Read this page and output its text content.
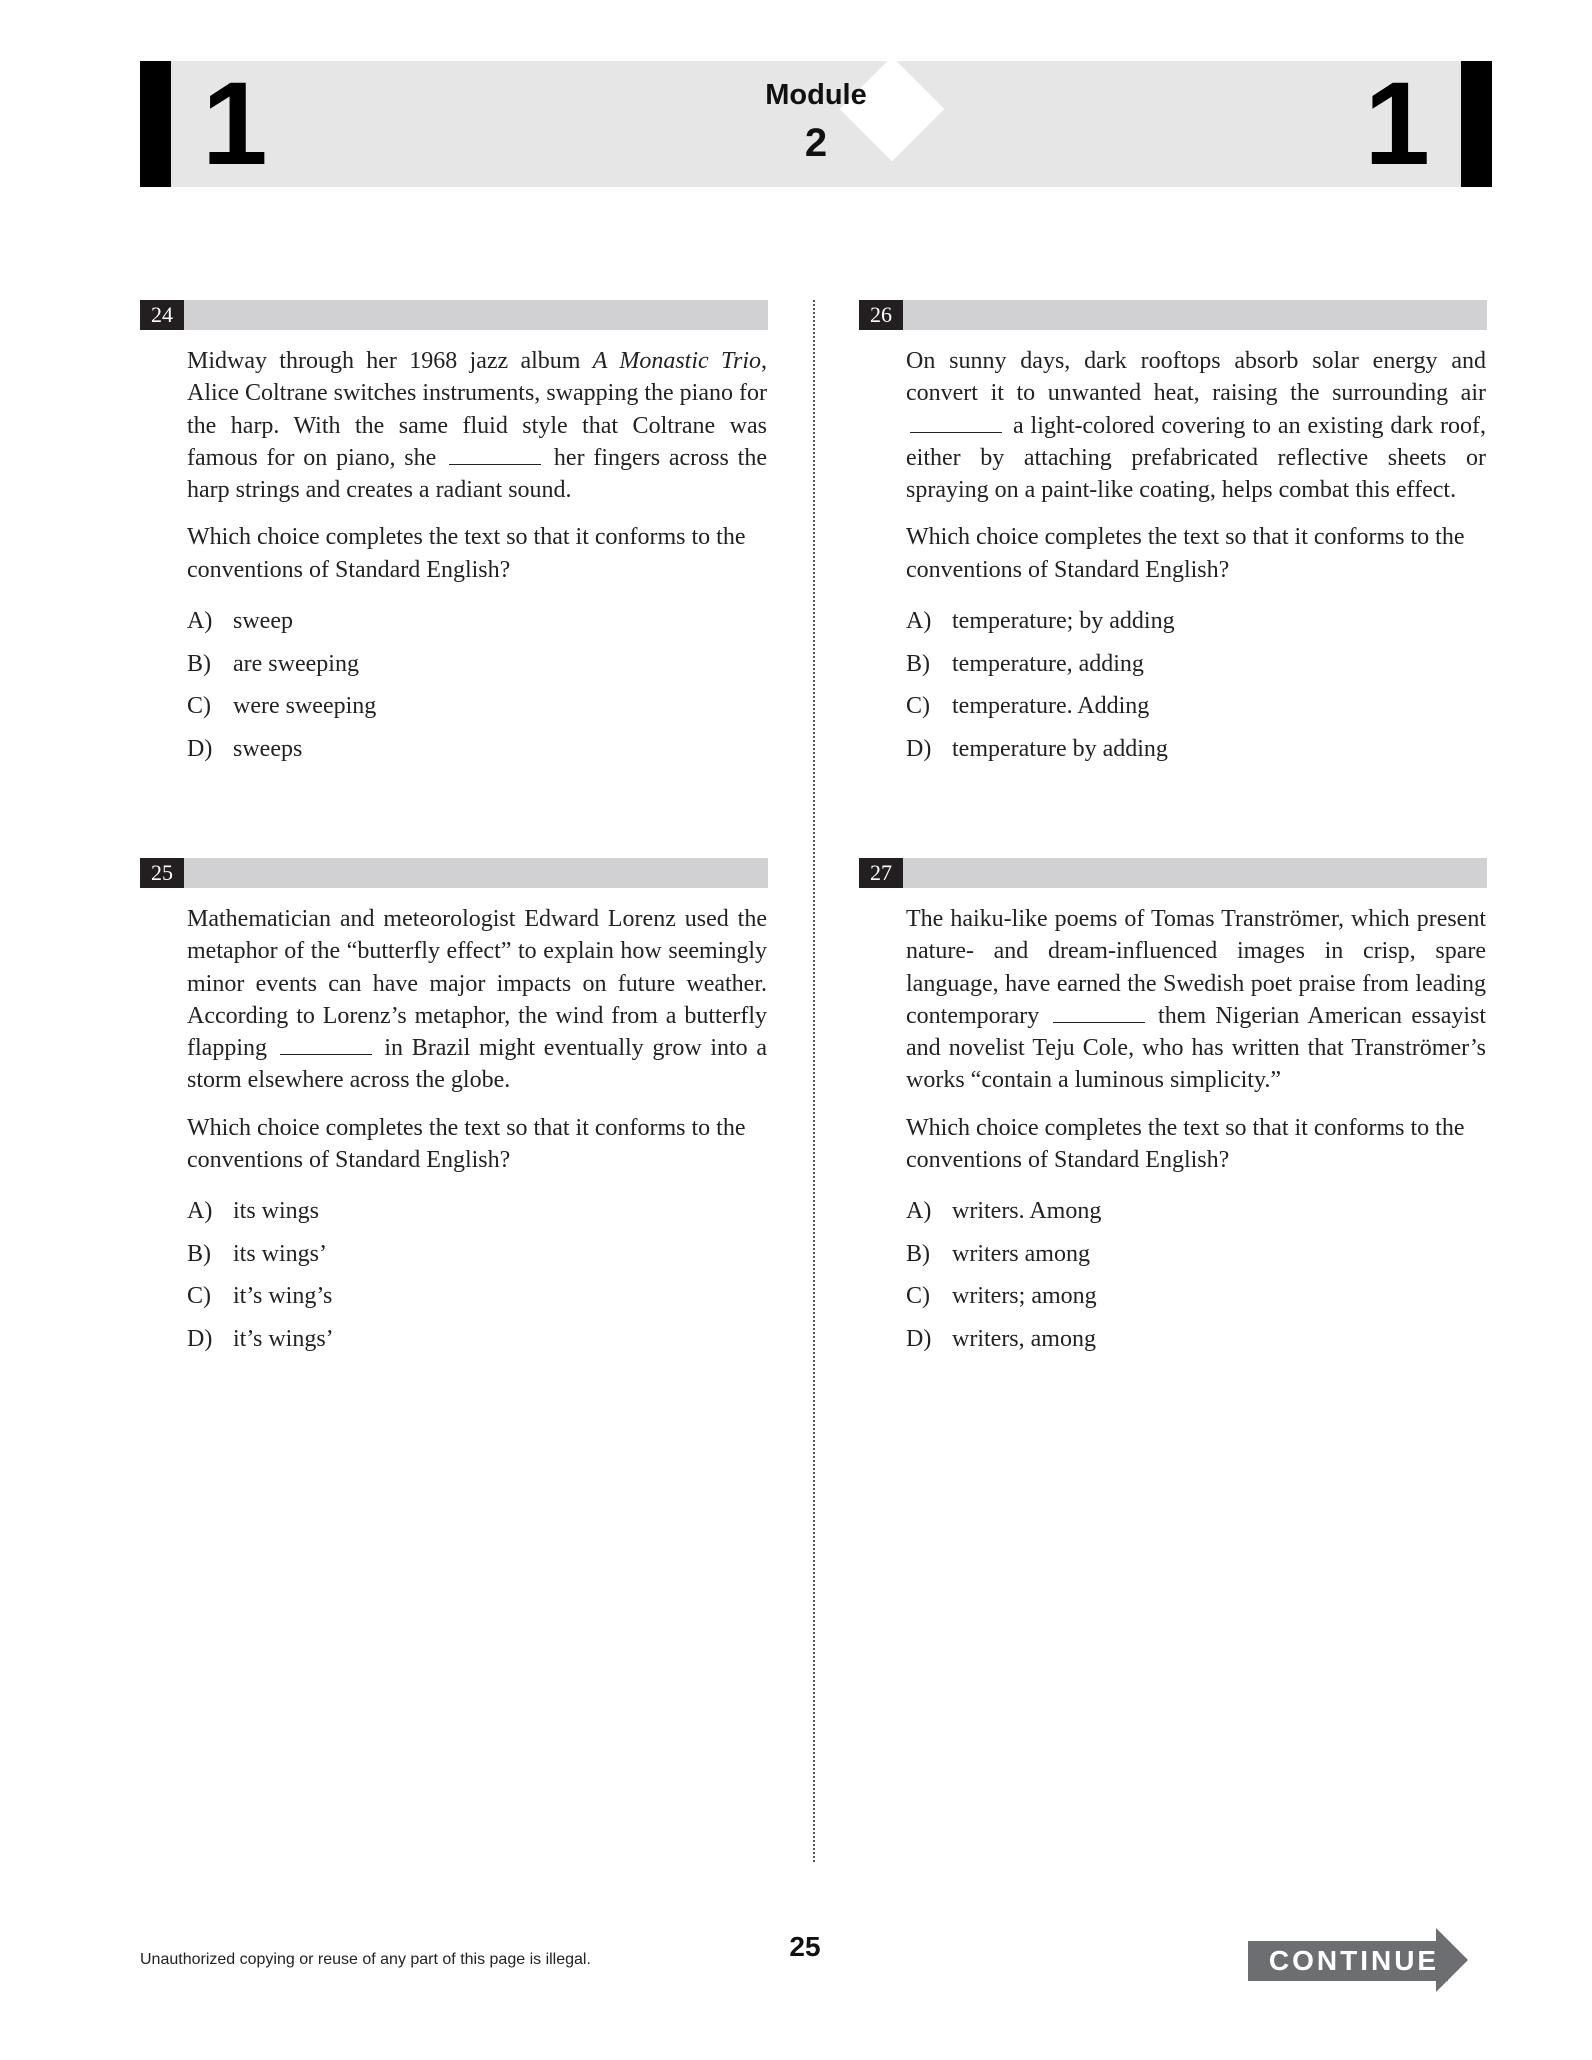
1	Module
2	1
24

Midway through her 1968 jazz album A Monastic Trio, Alice Coltrane switches instruments, swapping the piano for the harp. With the same fluid style that Coltrane was famous for on piano, she	her fingers across the harp strings and creates a radiant sound.

Which choice completes the text so that it conforms to the conventions of Standard English?

A) sweep
B) are sweeping
C) were sweeping
D) sweeps
25

Mathematician and meteorologist Edward Lorenz used the metaphor of the “butterfly effect” to explain how seemingly minor events can have major impacts on future weather. According to Lorenz’s metaphor, the wind from a butterfly flapping	in Brazil might eventually grow into a storm elsewhere across the globe.

Which choice completes the text so that it conforms to the conventions of Standard English?

A) its wings
B) its wings’
C) it’s wing’s
D) it’s wings’
26

On sunny days, dark rooftops absorb solar energy and convert it to unwanted heat, raising the surrounding air  a light-colored covering to an existing dark roof, either by attaching prefabricated reflective sheets or spraying on a paint-like coating, helps combat this effect.

Which choice completes the text so that it conforms to the conventions of Standard English?

A) temperature; by adding
B) temperature, adding
C) temperature. Adding
D) temperature by adding
27

The haiku-like poems of Tomas Tranströmer, which present nature- and dream-influenced images in crisp, spare language, have earned the Swedish poet praise from leading contemporary	them Nigerian American essayist and novelist Teju Cole, who has written that Tranströmer’s works “contain a luminous simplicity.”

Which choice completes the text so that it conforms to the conventions of Standard English?

A) writers. Among
B) writers among
C) writers; among
D) writers, among
Unauthorized copying or reuse of any part of this page is illegal.	25	CONTINUE
